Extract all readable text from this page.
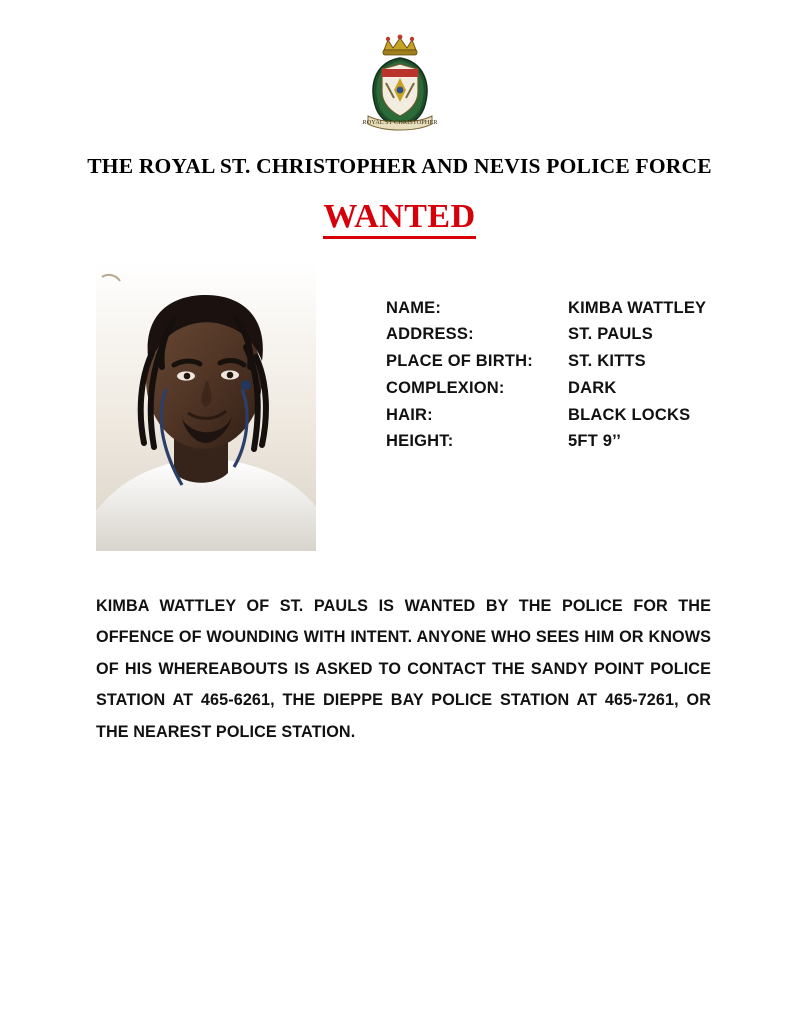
ROYAL ST CHRISTOPHER
THE ROYAL ST. CHRISTOPHER AND NEVIS POLICE FORCE
WANTED
NAME:	KIMBA WATTLEY
ADDRESS:	ST. PAULS
PLACE OF BIRTH:	ST. KITTS
COMPLEXION:	DARK
HAIR:	BLACK LOCKS
HEIGHT:	5FT 9’’
KIMBA WATTLEY OF ST. PAULS IS WANTED BY THE POLICE FOR THE OFFENCE OF WOUNDING WITH INTENT. ANYONE WHO SEES HIM OR KNOWS OF HIS WHEREABOUTS IS ASKED TO CONTACT THE SANDY POINT POLICE STATION AT 465-6261, THE DIEPPE BAY POLICE STATION AT 465-7261, OR THE NEAREST POLICE STATION.
